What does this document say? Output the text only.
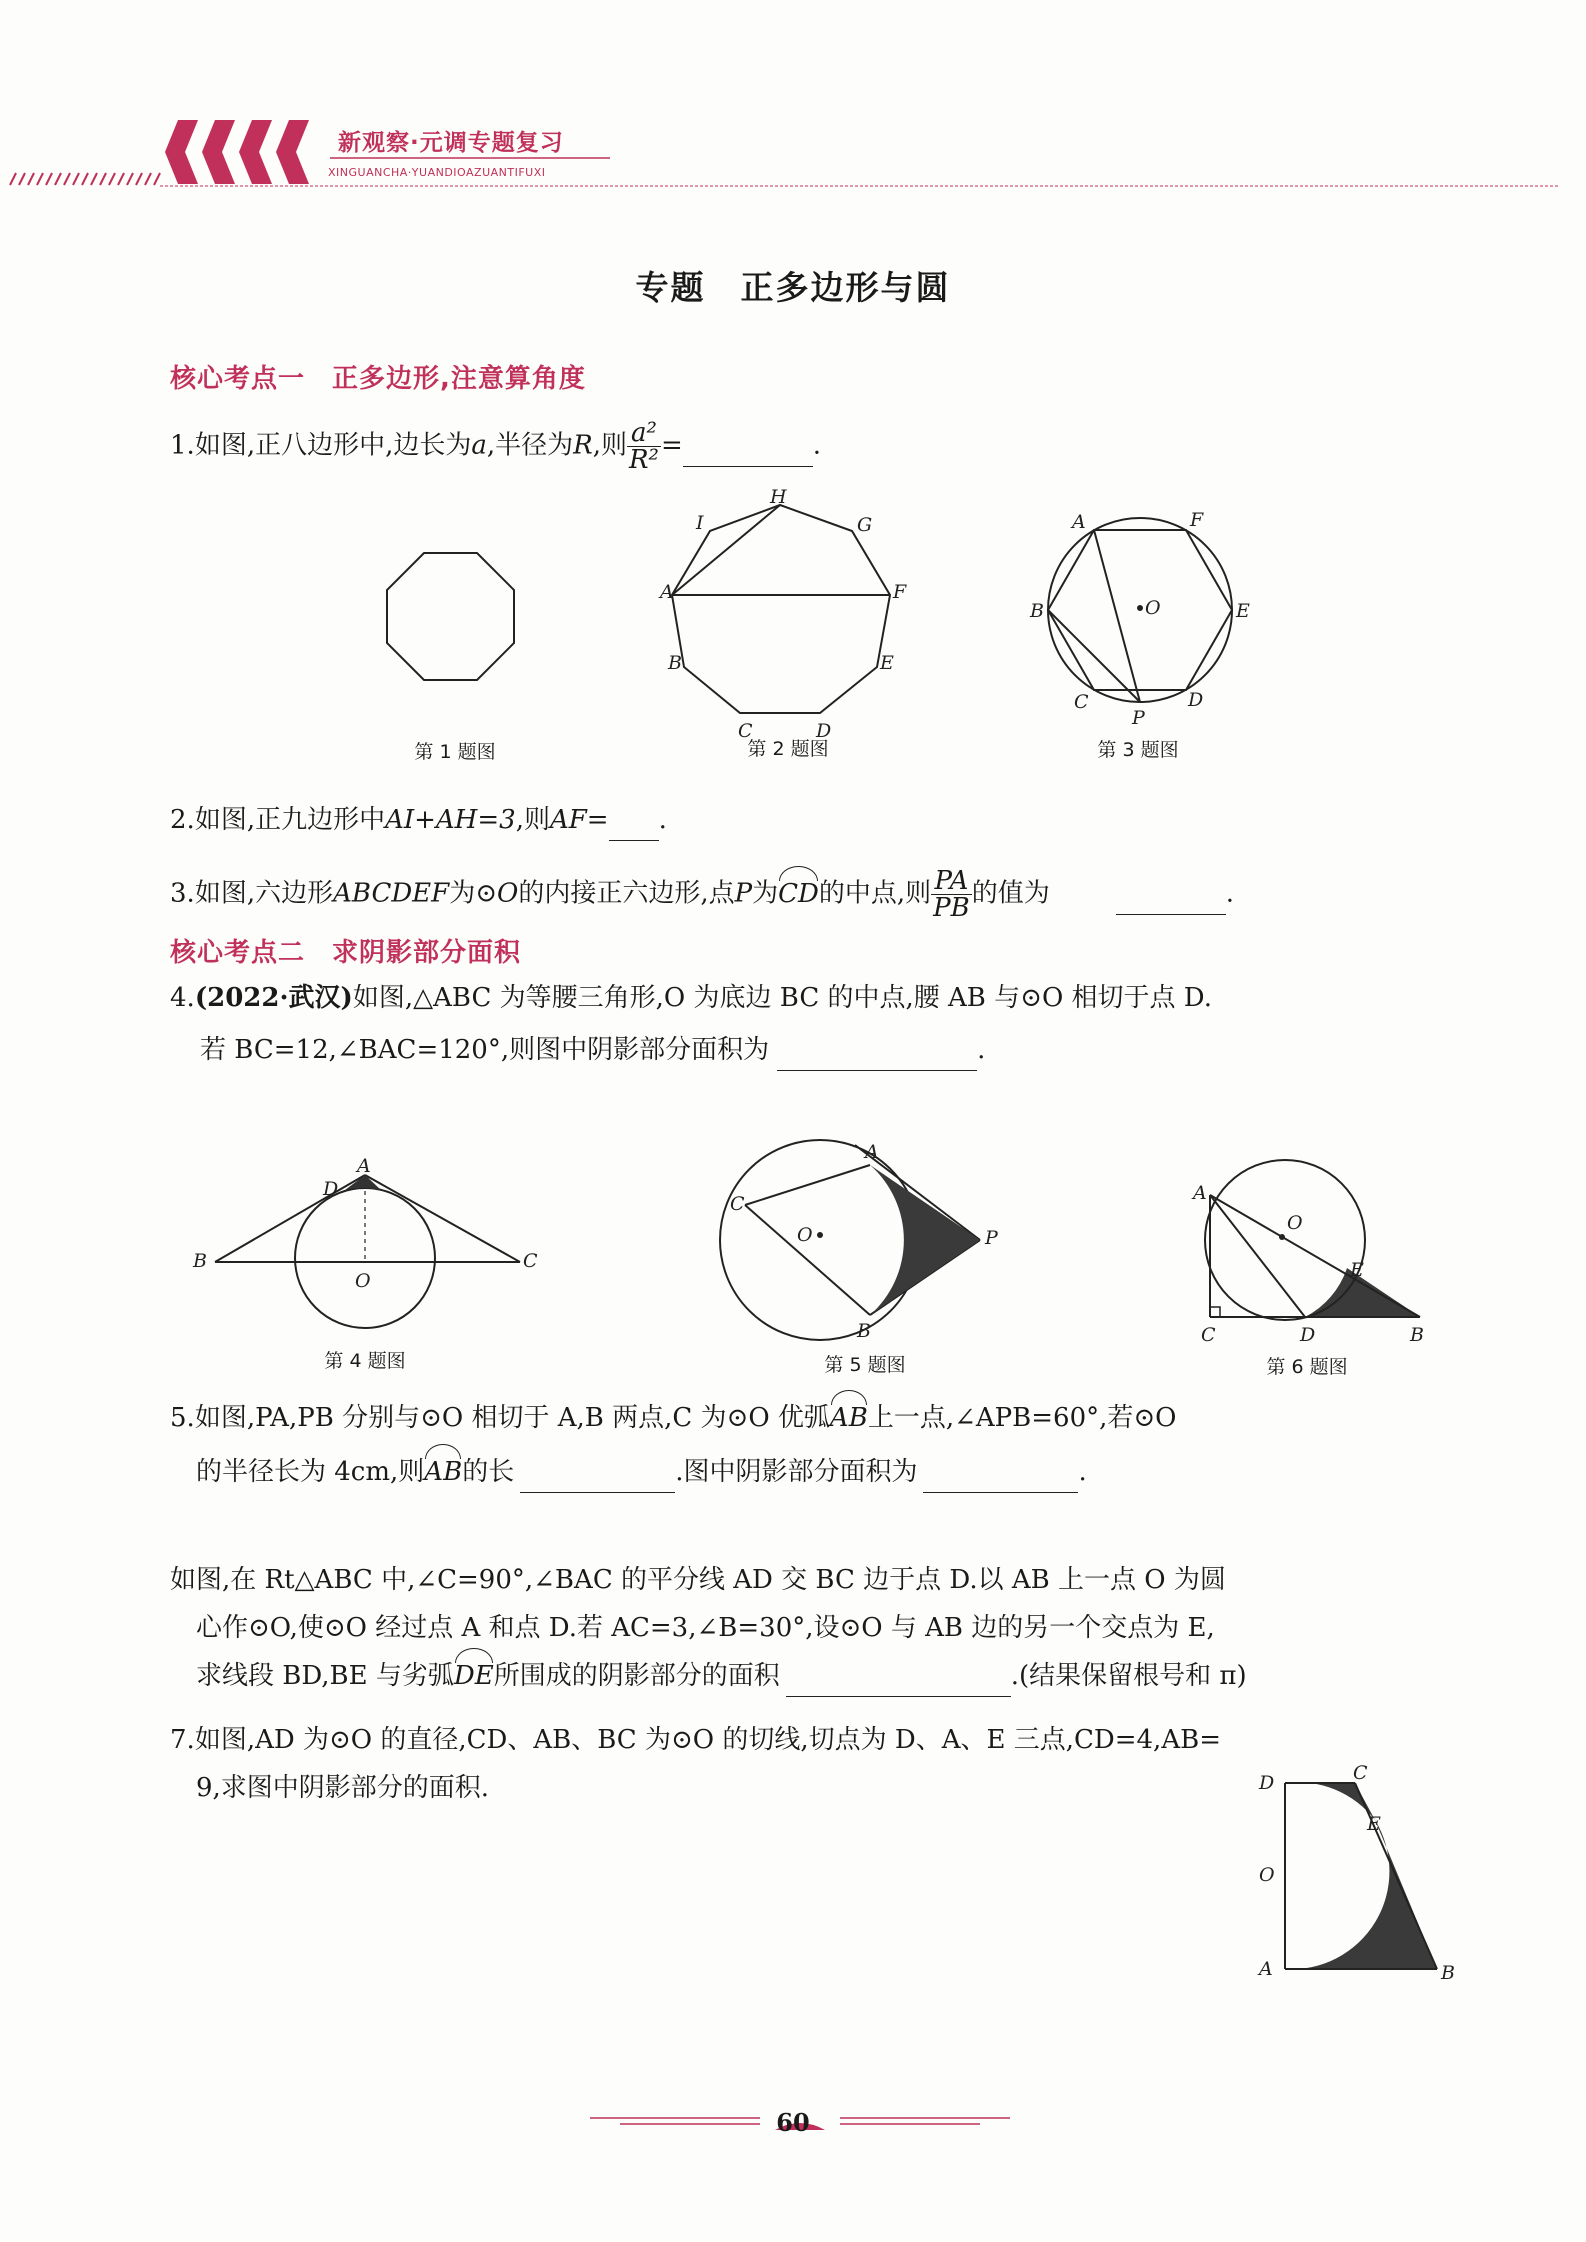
新观察·元调专题复习
XINGUANCHA·YUANDIOAZUANTIFUXI
专题　正多边形与圆
核心考点一　正多边形,注意算角度
1.如图,正八边形中,边长为a,半径为R,则 $\frac{\text{a²}}{\text{R²}}$ =	.
第 1 题图
H
G
I
A	F
B	E
C	D
第 2 题图
O
A	F
B	E
C	D
P
第 3 题图
2.如图,正九边形中AI+AH=3,则AF= .
3.如图,六边形ABCDEF为⊙O的内接正六边形,点P为CD的中点,则 $\frac{PA}{PB}$ 的值为	.
核心考点二　求阴影部分面积
4.(2022·武汉)如图,△ABC 为等腰三角形,O 为底边 BC 的中点,腰 AB 与⊙O 相切于点 D.
若 BC=12,∠BAC=120°,则图中阴影部分面积为	.
A
D
B	C
O
第 4 题图
O
A
C
P
B
第 5 题图
O
A
E
C	D	B
第 6 题图
5.如图,PA,PB 分别与⊙O 相切于 A,B 两点,C 为⊙O 优弧AB上一点,∠APB=60°,若⊙O
的半径长为 4cm,则AB的长	.图中阴影部分面积为	.
如图,在 Rt△ABC 中,∠C=90°,∠BAC 的平分线 AD 交 BC 边于点 D.以 AB 上一点 O 为圆
心作⊙O,使⊙O 经过点 A 和点 D.若 AC=3,∠B=30°,设⊙O 与 AB 边的另一个交点为 E,
求线段 BD,BE 与劣弧DE所围成的阴影部分的面积	.(结果保留根号和 π)
7.如图,AD 为⊙O 的直径,CD、AB、BC 为⊙O 的切线,切点为 D、A、E 三点,CD=4,AB=
9,求图中阴影部分的面积.	D	C
E
O
A	B
60
